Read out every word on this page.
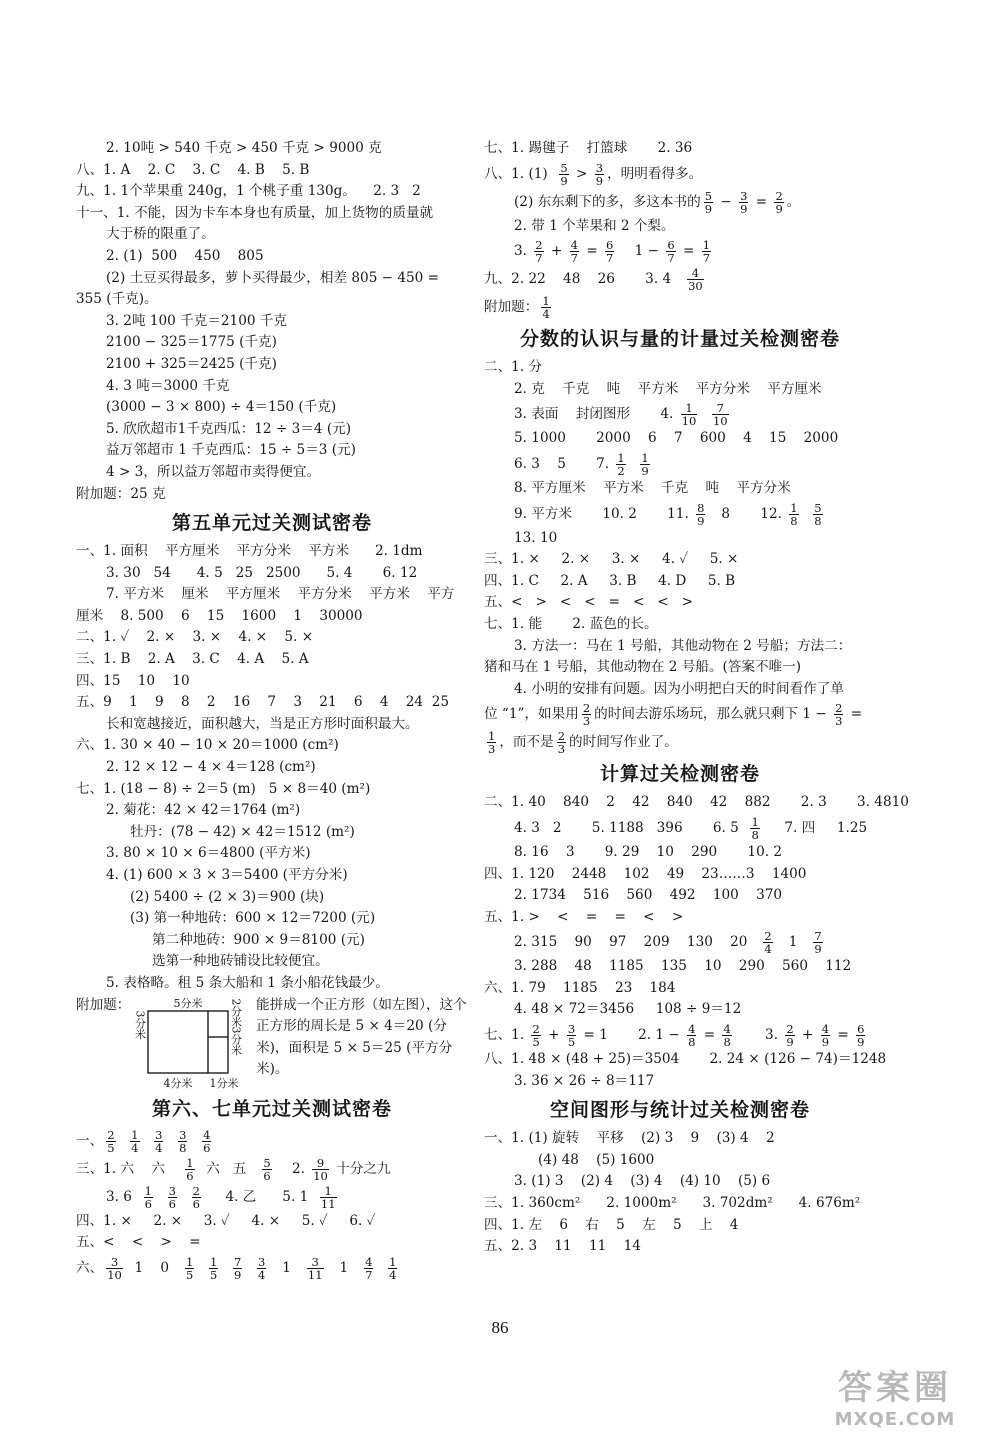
2. 10吨 > 540 千克 > 450 千克 > 9000 克
八、1. A    2. C    3. C    4. B    5. B
九、1. 1个苹果重 240g，1 个桃子重 130g。    2. 3   2
十一、1. 不能，因为卡车本身也有质量，加上货物的质量就
大于桥的限重了。
2. (1)  500    450    805
(2) 土豆买得最多，萝卜买得最少，相差 805 − 450 =
355 (千克)。
3. 2吨 100 千克＝2100 千克
2100 − 325＝1775 (千克)
2100 + 325＝2425 (千克)
4. 3 吨＝3000 千克
(3000 − 3 × 800) ÷ 4＝150 (千克)
5. 欣欣超市1千克西瓜：12 ÷ 3＝4 (元)
益万邻超市 1 千克西瓜：15 ÷ 5＝3 (元)
4 > 3，所以益万邻超市卖得便宜。
附加题：25 克
第五单元过关测试密卷
一、1. 面积    平方厘米    平方分米    平方米      2. 1dm
3. 30   54      4. 5   25   2500      5. 4       6. 12
7. 平方米    厘米    平方厘米    平方分米    平方米    平方
厘米    8. 500    6    15    1600    1    30000
二、1. ✓    2. ×    3. ×    4. ×    5. ×
三、1. B    2. A    3. C    4. A    5. A
四、15    10    10
五、9    1    9    8    2    16    7    3    21    6    4    24  25
长和宽越接近，面积越大，当是正方形时面积最大。
六、1. 30 × 40 − 10 × 20＝1000 (cm²)
2. 12 × 12 − 4 × 4＝128 (cm²)
七、1. (18 − 8) ÷ 2＝5 (m)   5 × 8＝40 (m²)
2. 菊花：42 × 42＝1764 (m²)
牡丹：(78 − 42) × 42＝1512 (m²)
3. 80 × 10 × 6＝4800 (平方米)
4. (1) 600 × 3 × 3＝5400 (平方分米)
(2) 5400 ÷ (2 × 3)＝900 (块)
(3) 第一种地砖：600 × 12＝7200 (元)
第二种地砖：900 × 9＝8100 (元)
选第一种地砖铺设比较便宜。
5. 表格略。租 5 条大船和 1 条小船花钱最少。
附加题：	5分米 2分米
3分米
3分米
4分米 1分米
能拼成一个正方形（如左图），这个正方形的周长是 5 × 4＝20 (分米)，面积是 5 × 5＝25 (平方分米)。
第六、七单元过关测试密卷
一、 $\frac{2}{5}$
$\frac{1}{4}$
$\frac{3}{4}$
$\frac{3}{8}$
$\frac{4}{6}$
三、1. 六    六 $\frac{1}{6}$ 六   五 $\frac{5}{6} 2$. $\frac{9}{10}$ 十分之九
3. $6 \frac{1}{6}$
$\frac{3}{6}$
$\frac{2}{6} 4$. 乙      5. $1 \frac{1}{11}$
四、1. ×     2. ×     3. ✓     4. ×     5. ✓     6. ✓
五、<    <    >    =
六、 $\frac{3}{10} 1$    $0 \frac{1}{5}$
$\frac{1}{5}$
$\frac{7}{9}$
$\frac{3}{4} 1 \frac{3}{11} 1 \frac{4}{7}$
$\frac{1}{4}$
七、1. 踢毽子    打篮球       2. 36
八、1. $(1) \frac{5}{9} > \frac{3}{9}$ ，明明看得多。
(2) 东东剩下的多，多这本书的 $\frac{5}{9} - \frac{3}{9} = \frac{2}{9}$ 。
2. 带 1 个苹果和 2 个梨。
3. $\frac{2}{7} + \frac{4}{7} = \frac{6}{7} 1 - \frac{6}{7} = \frac{1}{7}$
九、2. 22    48    26       3. $4 \frac{4}{30}$
附加题： $\frac{1}{4}$
分数的认识与量的计量过关检测密卷
二、1. 分
2. 克    千克    吨    平方米    平方分米    平方厘米
3. 表面    封闭图形       4. $\frac{1}{10}$
$\frac{7}{10}$
5. 1000       2000    6    7    600    4    15    2000
6. 3    5       7. $\frac{1}{2}$
$\frac{1}{9}$
8. 平方厘米    平方米    千克    吨    平方分米
9. 平方米       10. 2       11. $\frac{8}{9} 8$       12. $\frac{1}{8}$
$\frac{5}{8}$
13. 10
三、1. ×     2. ×     3. ×     4. ✓     5. ×
四、1. C     2. A     3. B     4. D     5. B
五、<   >   <   <   =   <   <   >
七、1. 能       2. 蓝色的长。
3. 方法一：马在 1 号船，其他动物在 2 号船；方法二：
猪和马在 1 号船，其他动物在 2 号船。(答案不唯一)
4. 小明的安排有问题。因为小明把白天的时间看作了单
位 “1”，如果用 $\frac{2}{3}$ 的时间去游乐场玩，那么就只剩下 $1 - \frac{2}{3}$ =
$\frac{1}{3}$ ，而不是 $\frac{2}{3}$ 的时间写作业了。
计算过关检测密卷
二、1. 40    840    2    42    840    42    882       2. 3       3. 4810
4. 3   2       5. 1188   396       6. $5 \frac{1}{8} 7$. 四     1.25
8. 16    3       9. 29    10    290       10. 2
四、1. 120    2448    102    49    23……3    1400
2. 1734    516    560    492    100    370
五、1. >    <    =    =    <    >
2. 315    90    97    209    130    $20 \frac{2}{4} 1 \frac{7}{9}$
3. 288    48    1185    135    10    290    560    112
六、1. 79    1185    23    184
4. 48 × 72＝3456     108 ÷ 9＝12
七、1. $\frac{2}{5} + \frac{3}{5} = 1$       2. $1 - \frac{4}{8} = \frac{4}{8} 3$. $\frac{2}{9} + \frac{4}{9} = \frac{6}{9}$
八、1. 48 × (48 + 25)＝3504       2. 24 × (126 − 74)＝1248
3. 36 × 26 ÷ 8＝117
空间图形与统计过关检测密卷
一、1. (1) 旋转    平移    (2) 3    9    (3) 4    2
(4) 48    (5) 1600
3. (1) 3    (2) 4    (3) 4    (4) 10    (5) 6
三、1. 360cm²      2. 1000m²      3. 702dm²      4. 676m²
四、1. 左    6    右    5    左    5    上    4
五、2. 3    11    11    14
86
答案圈
MXQE.COM
